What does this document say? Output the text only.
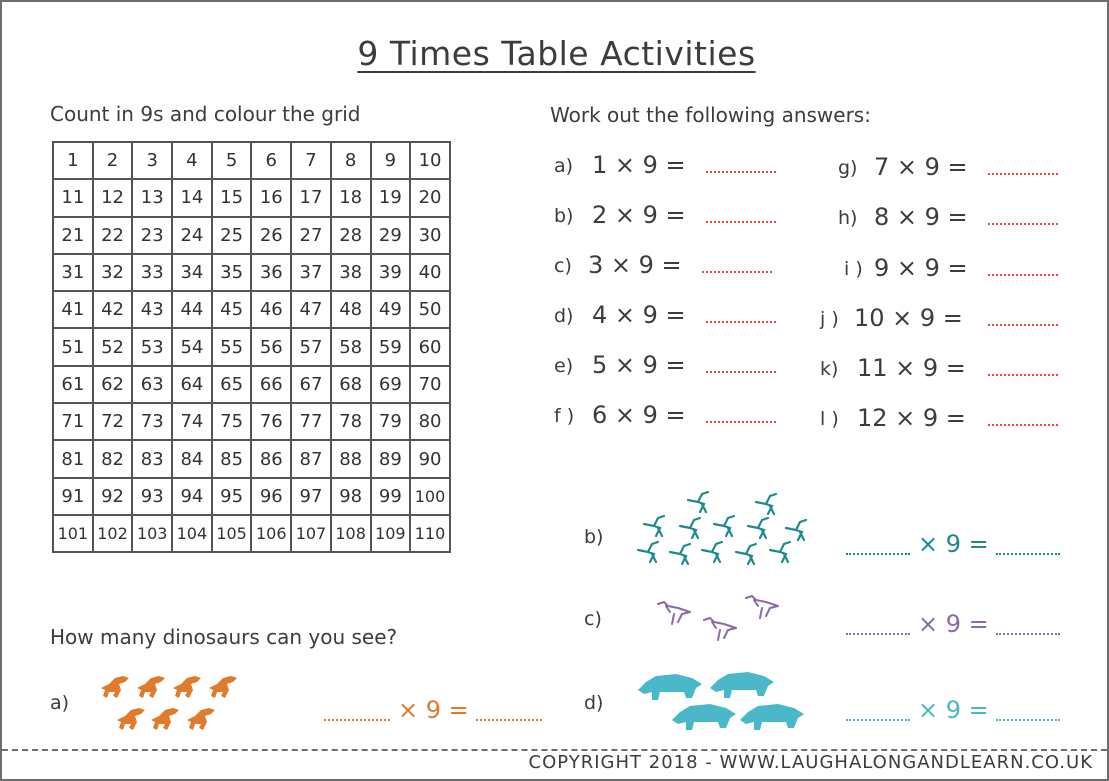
9 Times Table Activities
Count in 9s and colour the grid
1	2	3	4	5	6	7	8	9	10
11	12	13	14	15	16	17	18	19	20
21	22	23	24	25	26	27	28	29	30
31	32	33	34	35	36	37	38	39	40
41	42	43	44	45	46	47	48	49	50
51	52	53	54	55	56	57	58	59	60
61	62	63	64	65	66	67	68	69	70
71	72	73	74	75	76	77	78	79	80
81	82	83	84	85	86	87	88	89	90
91	92	93	94	95	96	97	98	99	100
101	102	103	104	105	106	107	108	109	110
Work out the following answers:
a) 1 × 9 =
b) 2 × 9 =
c) 3 × 9 =
d) 4 × 9 =
e) 5 × 9 =
f ) 6 × 9 =
g) 7 × 9 =
h) 8 × 9 =
i ) 9 × 9 =
j ) 10 × 9 =
k) 11 × 9 =
l ) 12 × 9 =
How many dinosaurs can you see?
a)	× 9 =
b)	× 9 =
c)	× 9 =
d)	× 9 =
COPYRIGHT 2018 - WWW.LAUGHALONGANDLEARN.CO.UK
